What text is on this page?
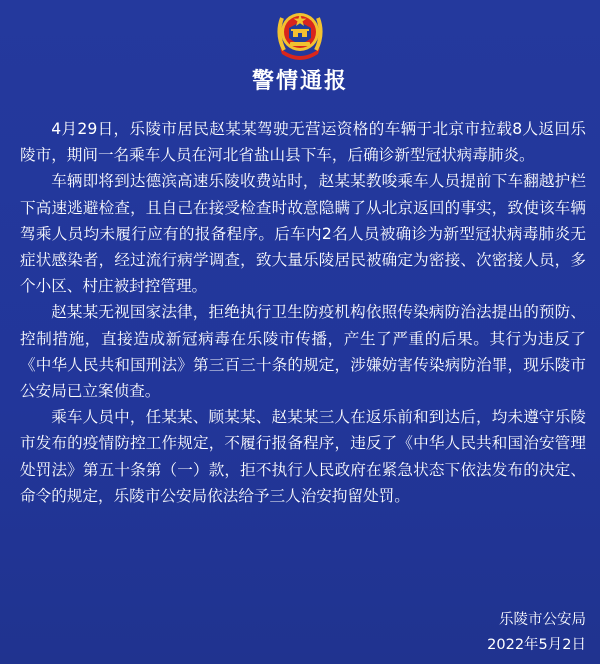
警情通报

4月29日，乐陵市居民赵某某驾驶无营运资格的车辆于北京市拉载8人返回乐陵市，期间一名乘车人员在河北省盐山县下车，后确诊新型冠状病毒肺炎。

车辆即将到达德滨高速乐陵收费站时，赵某某教唆乘车人员提前下车翻越护栏下高速逃避检查，且自己在接受检查时故意隐瞒了从北京返回的事实，致使该车辆驾乘人员均未履行应有的报备程序。后车内2名人员被确诊为新型冠状病毒肺炎无症状感染者，经过流行病学调查，致大量乐陵居民被确定为密接、次密接人员，多个小区、村庄被封控管理。

赵某某无视国家法律，拒绝执行卫生防疫机构依照传染病防治法提出的预防、控制措施，直接造成新冠病毒在乐陵市传播，产生了严重的后果。其行为违反了《中华人民共和国刑法》第三百三十条的规定，涉嫌妨害传染病防治罪，现乐陵市公安局已立案侦查。

乘车人员中，任某某、顾某某、赵某某三人在返乐前和到达后，均未遵守乐陵市发布的疫情防控工作规定，不履行报备程序，违反了《中华人民共和国治安管理处罚法》第五十条第（一）款，拒不执行人民政府在紧急状态下依法发布的决定、命令的规定，乐陵市公安局依法给予三人治安拘留处罚。

乐陵市公安局
2022年5月2日
